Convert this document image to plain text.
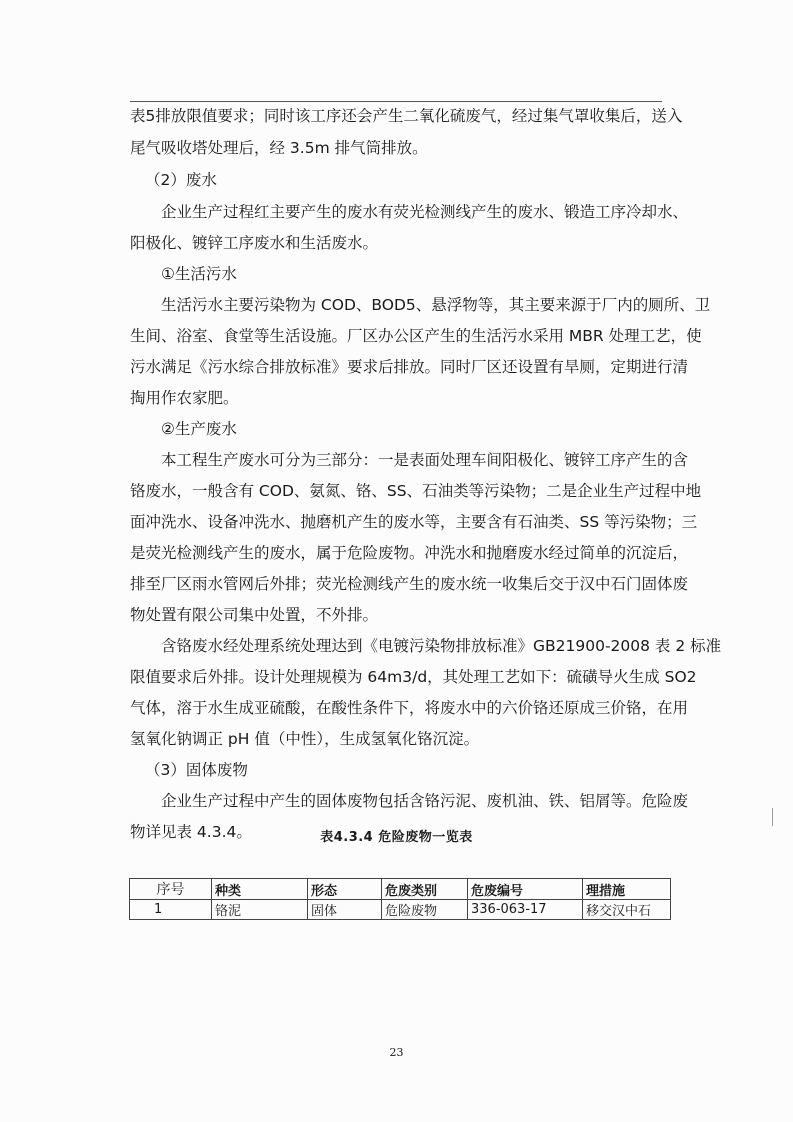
表5排放限值要求；同时该工序还会产生二氧化硫废气，经过集气罩收集后，送入
尾气吸收塔处理后，经 3.5m 排气筒排放。
（2）废水
企业生产过程红主要产生的废水有荧光检测线产生的废水、锻造工序冷却水、
阳极化、镀锌工序废水和生活废水。
①生活污水
生活污水主要污染物为 COD、BOD5、悬浮物等，其主要来源于厂内的厕所、卫
生间、浴室、食堂等生活设施。厂区办公区产生的生活污水采用 MBR 处理工艺，使
污水满足《污水综合排放标准》要求后排放。同时厂区还设置有旱厕，定期进行清
掏用作农家肥。
②生产废水
本工程生产废水可分为三部分：一是表面处理车间阳极化、镀锌工序产生的含
铬废水，一般含有 COD、氨氮、铬、SS、石油类等污染物；二是企业生产过程中地
面冲洗水、设备冲洗水、抛磨机产生的废水等，主要含有石油类、SS 等污染物；三
是荧光检测线产生的废水，属于危险废物。冲洗水和抛磨废水经过简单的沉淀后，
排至厂区雨水管网后外排；荧光检测线产生的废水统一收集后交于汉中石门固体废
物处置有限公司集中处置，不外排。
含铬废水经处理系统处理达到《电镀污染物排放标准》GB21900-2008 表 2 标准
限值要求后外排。设计处理规模为 64m3/d，其处理工艺如下：硫磺导火生成 SO2
气体，溶于水生成亚硫酸，在酸性条件下，将废水中的六价铬还原成三价铬，在用
氢氧化钠调正 pH 值（中性），生成氢氧化铬沉淀。
（3）固体废物
企业生产过程中产生的固体废物包括含铬污泥、废机油、铁、铝屑等。危险废
物详见表 4.3.4。	表4.3.4 危险废物一览表
序号	种类	形态	危废类别	危废编号	理措施
1	铬泥	固体	危险废物	336-063-17	移交汉中石
23
